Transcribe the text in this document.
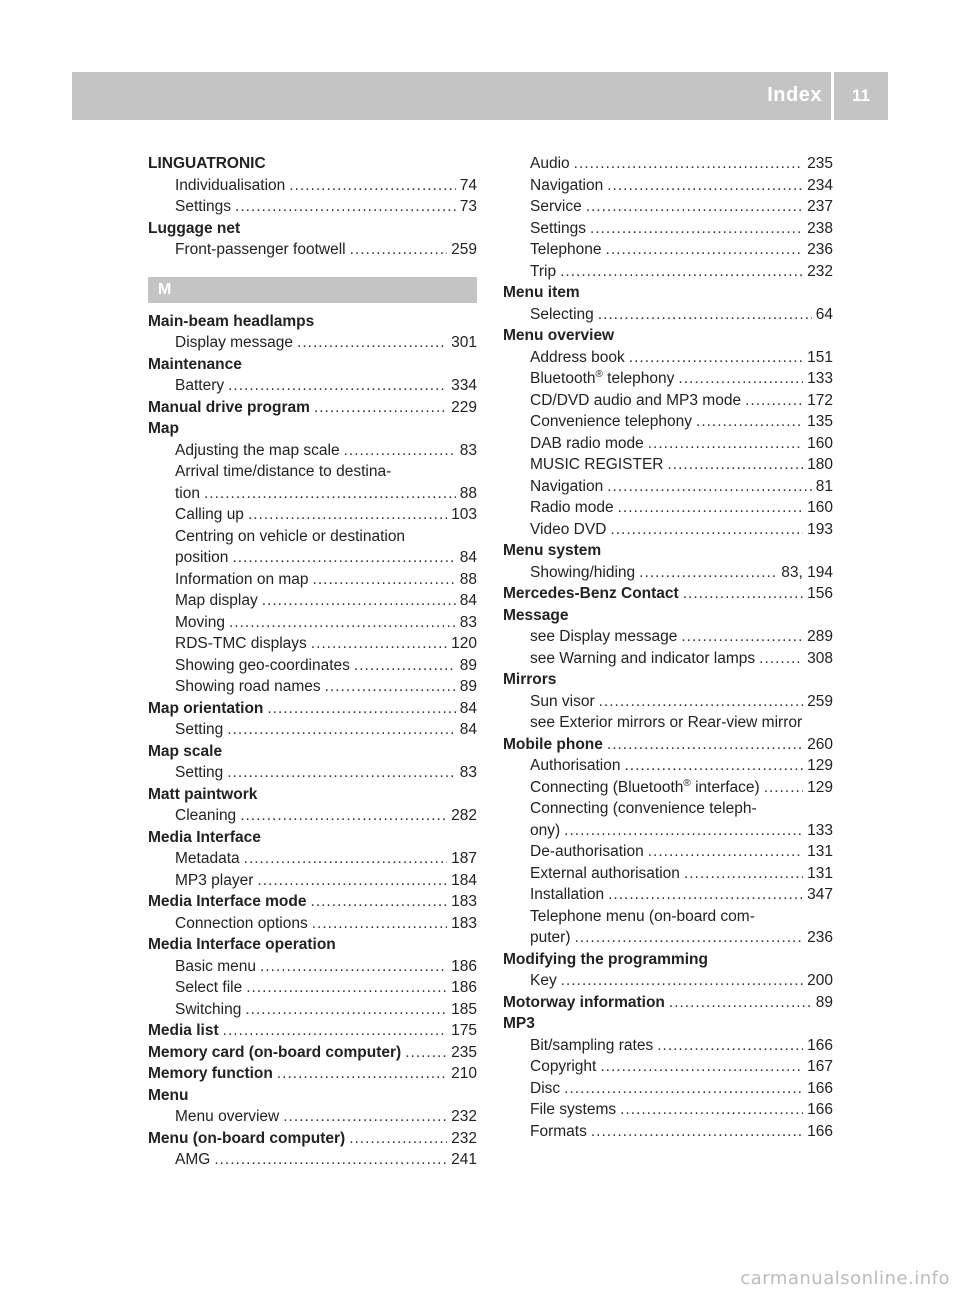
Index	11
LINGUATRONIC
Individualisation .....	74
Settings .....	73
Luggage net
Front-passenger footwell .....	259
M
Main-beam headlamps
Display message .....	301
Maintenance
Battery .....	334
Manual drive program .....	229
Map
Adjusting the map scale .....	83
Arrival time/distance to destina-
tion .....	88
Calling up .....	103
Centring on vehicle or destination
position .....	84
Information on map .....	88
Map display .....	84
Moving .....	83
RDS-TMC displays .....	120
Showing geo-coordinates .....	89
Showing road names .....	89
Map orientation .....	84
Setting .....	84
Map scale
Setting .....	83
Matt paintwork
Cleaning .....	282
Media Interface
Metadata .....	187
MP3 player .....	184
Media Interface mode .....	183
Connection options .....	183
Media Interface operation
Basic menu .....	186
Select file .....	186
Switching .....	185
Media list .....	175
Memory card (on-board computer) .....	235
Memory function .....	210
Menu
Menu overview .....	232
Menu (on-board computer) .....	232
AMG .....	241
Audio .....	235
Navigation .....	234
Service .....	237
Settings .....	238
Telephone .....	236
Trip .....	232
Menu item
Selecting .....	64
Menu overview
Address book .....	151
Bluetooth® telephony .....	133
CD/DVD audio and MP3 mode .....	172
Convenience telephony .....	135
DAB radio mode .....	160
MUSIC REGISTER .....	180
Navigation .....	81
Radio mode .....	160
Video DVD .....	193
Menu system
Showing/hiding .....	83, 194
Mercedes-Benz Contact .....	156
Message
see Display message .....	289
see Warning and indicator lamps .....	308
Mirrors
Sun visor .....	259
see Exterior mirrors or Rear-view mirror
Mobile phone .....	260
Authorisation .....	129
Connecting (Bluetooth® interface) .....	129
Connecting (convenience teleph-
ony) .....	133
De-authorisation .....	131
External authorisation .....	131
Installation .....	347
Telephone menu (on-board com-
puter) .....	236
Modifying the programming
Key .....	200
Motorway information .....	89
MP3
Bit/sampling rates .....	166
Copyright .....	167
Disc .....	166
File systems .....	166
Formats .....	166
carmanualsonline.info
